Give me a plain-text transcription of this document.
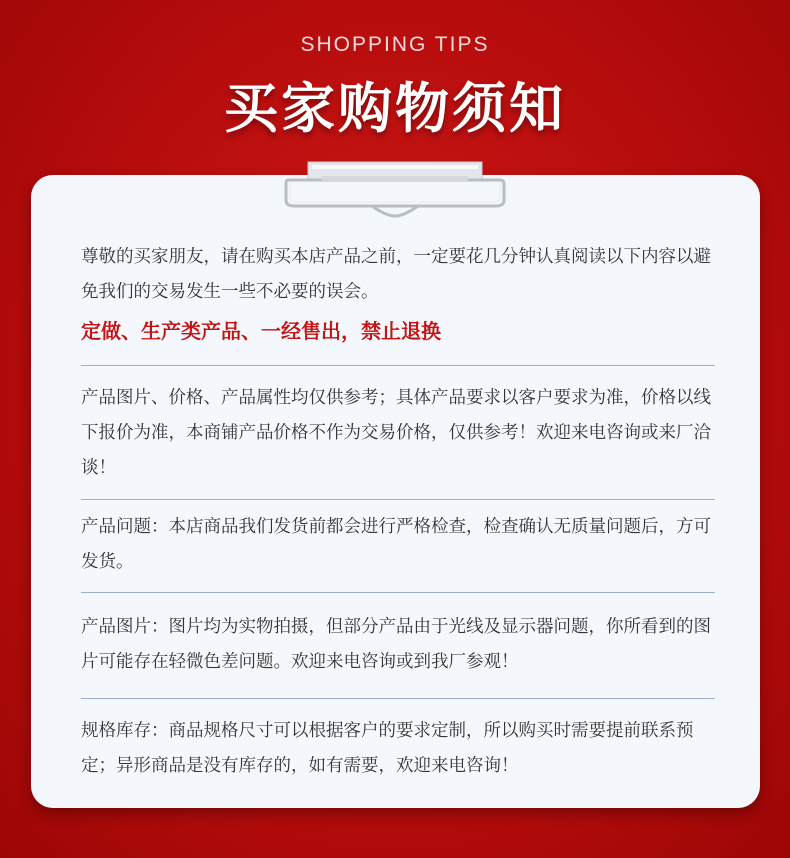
SHOPPING TIPS
买家购物须知

尊敬的买家朋友，请在购买本店产品之前，一定要花几分钟认真阅读以下内容以避免我们的交易发生一些不必要的误会。

定做、生产类产品、一经售出，禁止退换

产品图片、价格、产品属性均仅供参考；具体产品要求以客户要求为准，价格以线下报价为准，本商铺产品价格不作为交易价格，仅供参考！欢迎来电咨询或来厂洽谈！

产品问题：本店商品我们发货前都会进行严格检查，检查确认无质量问题后，方可发货。

产品图片：图片均为实物拍摄，但部分产品由于光线及显示器问题，你所看到的图片可能存在轻微色差问题。欢迎来电咨询或到我厂参观！

规格库存：商品规格尺寸可以根据客户的要求定制，所以购买时需要提前联系预定；异形商品是没有库存的，如有需要，欢迎来电咨询！
